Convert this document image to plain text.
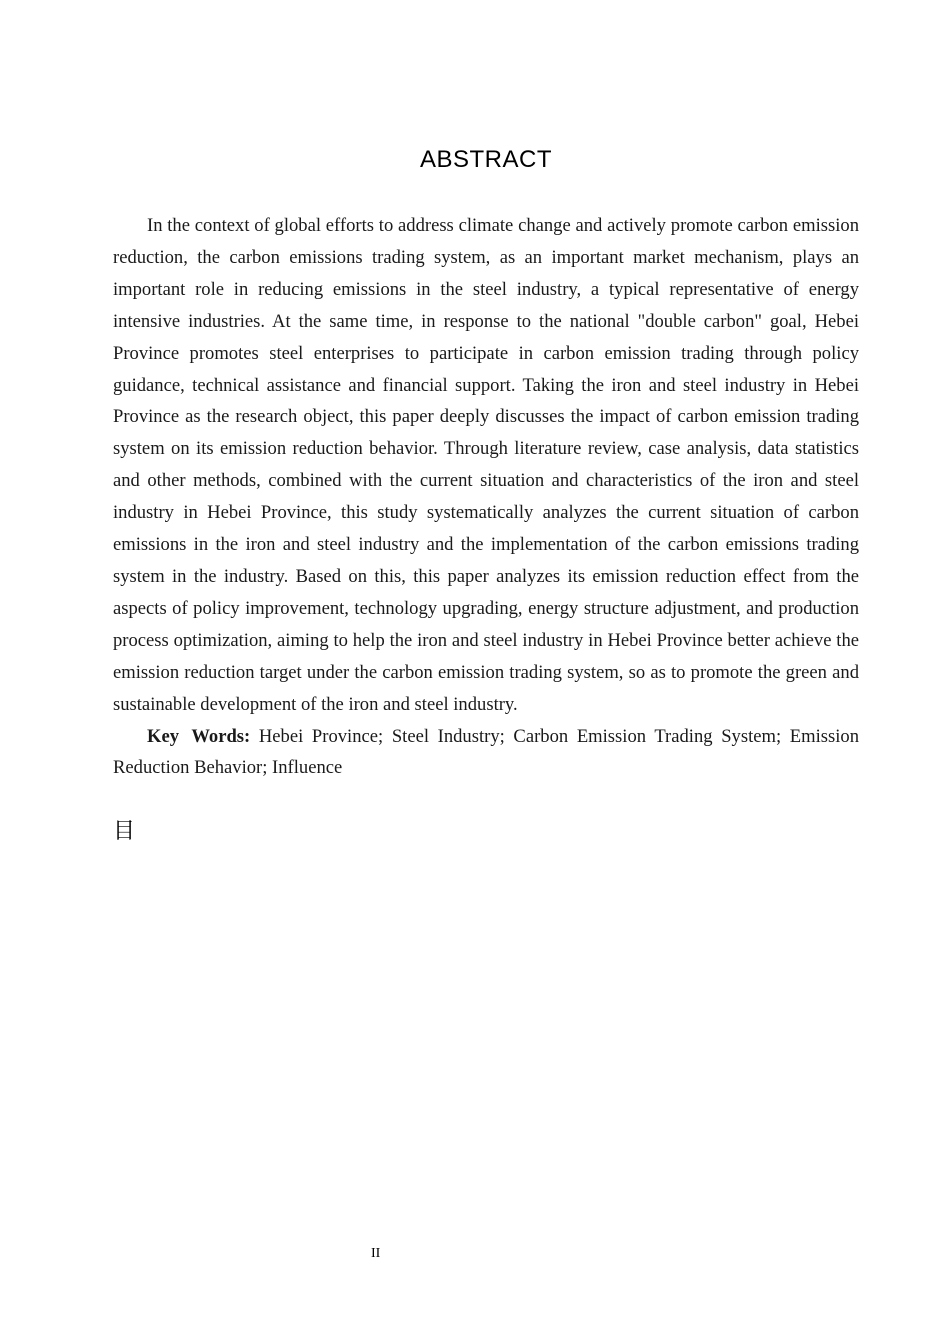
ABSTRACT

In the context of global efforts to address climate change and actively promote carbon emission reduction, the carbon emissions trading system, as an important market mechanism, plays an important role in reducing emissions in the steel industry, a typical representative of energy intensive industries. At the same time, in response to the national "double carbon" goal, Hebei Province promotes steel enterprises to participate in carbon emission trading through policy guidance, technical assistance and financial support. Taking the iron and steel industry in Hebei Province as the research object, this paper deeply discusses the impact of carbon emission trading system on its emission reduction behavior. Through literature review, case analysis, data statistics and other methods, combined with the current situation and characteristics of the iron and steel industry in Hebei Province, this study systematically analyzes the current situation of carbon emissions in the iron and steel industry and the implementation of the carbon emissions trading system in the industry. Based on this, this paper analyzes its emission reduction effect from the aspects of policy improvement, technology upgrading, energy structure adjustment, and production process optimization, aiming to help the iron and steel industry in Hebei Province better achieve the emission reduction target under the carbon emission trading system, so as to promote the green and sustainable development of the iron and steel industry.

Key Words: Hebei Province; Steel Industry; Carbon Emission Trading System; Emission Reduction Behavior; Influence

目
II
